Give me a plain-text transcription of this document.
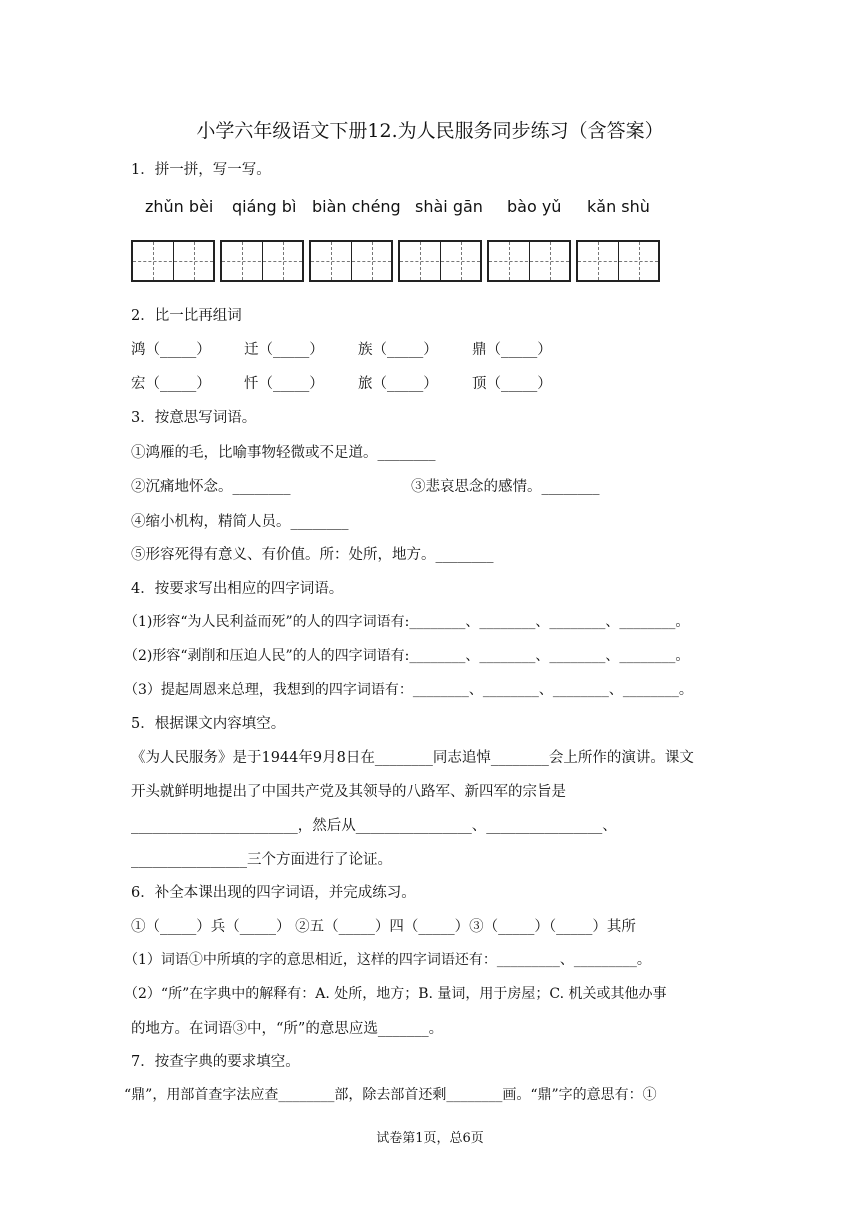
小学六年级语文下册12.为人民服务同步练习（含答案）
1．拼一拼，写一写。
zhǔn bèi qiáng bì biàn chéng shài gān bào yǔ kǎn shù
2．比一比再组词
鸿（_____） 迁（_____） 族（_____） 鼎（_____）
宏（_____） 忏（_____） 旅（_____） 顶（_____）
3．按意思写词语。
①鸿雁的毛，比喻事物轻微或不足道。________
②沉痛地怀念。________	③悲哀思念的感情。________
④缩小机构，精简人员。________
⑤形容死得有意义、有价值。所：处所，地方。________
4．按要求写出相应的四字词语。
（1)形容“为人民利益而死”的人的四字词语有:________、________、________、________。
（2)形容“剥削和压迫人民”的人的四字词语有:________、________、________、________。
（3）提起周恩来总理，我想到的四字词语有：________、________、________、________。
5．根据课文内容填空。
《为人民服务》是于1944年9月8日在________同志追悼________会上所作的演讲。课文
开头就鲜明地提出了中国共产党及其领导的八路军、新四军的宗旨是
_______________________，然后从________________、________________、
________________三个方面进行了论证。
6．补全本课出现的四字词语，并完成练习。
①（_____）兵（_____） ②五（_____）四（_____）③（_____）（_____）其所
（1）词语①中所填的字的意思相近，这样的四字词语还有：_________、_________。
（2）“所”在字典中的解释有：A. 处所，地方；B. 量词，用于房屋；C. 机关或其他办事
的地方。在词语③中，“所”的意思应选_______。
7．按查字典的要求填空。
“鼎”，用部首查字法应查________部，除去部首还剩________画。“鼎”字的意思有：①
试卷第1页，总6页
